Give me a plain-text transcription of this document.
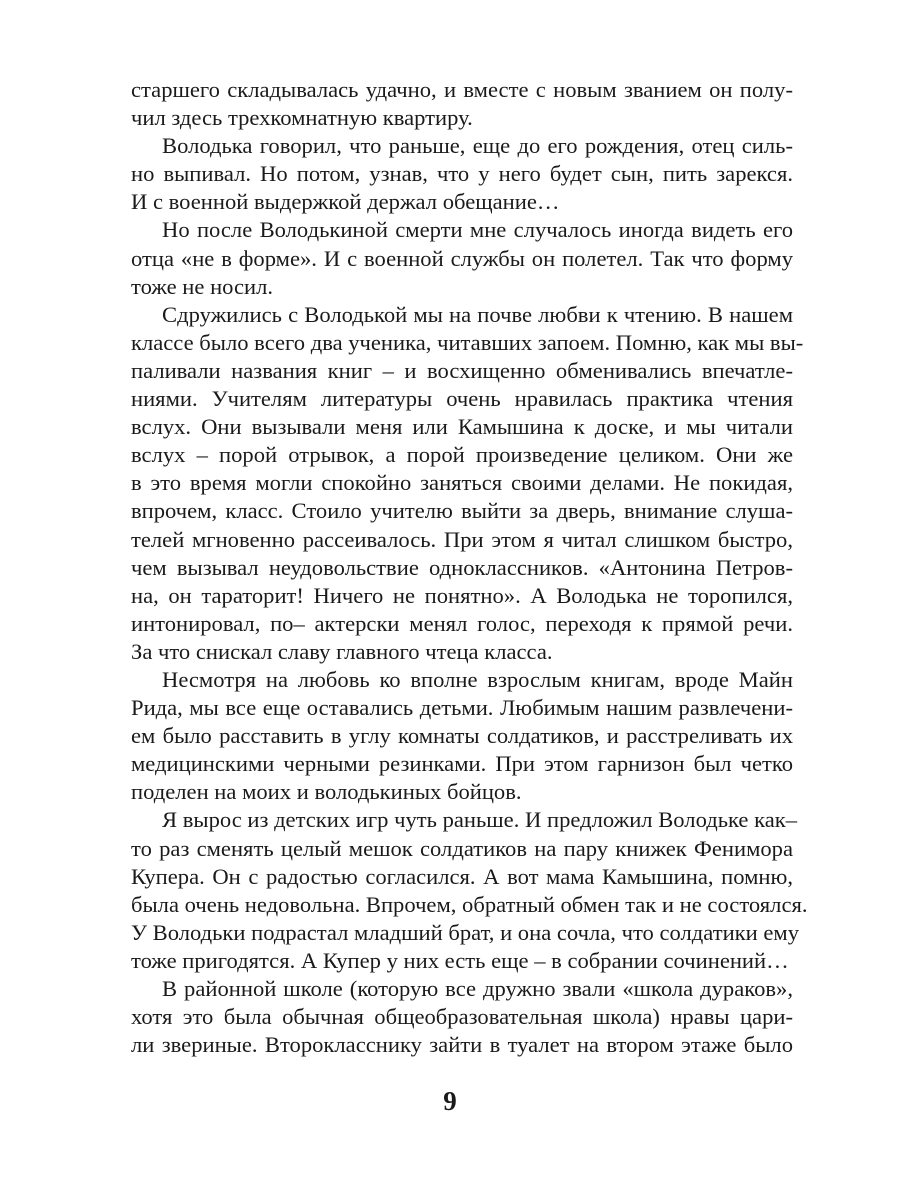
старшего складывалась удачно, и вместе с новым званием он полу-
чил здесь трехкомнатную квартиру.
Володька говорил, что раньше, еще до его рождения, отец силь-
но выпивал. Но потом, узнав, что у него будет сын, пить зарекся.
И с военной выдержкой держал обещание…
Но после Володькиной смерти мне случалось иногда видеть его
отца «не в форме». И с военной службы он полетел. Так что форму
тоже не носил.
Сдружились с Володькой мы на почве любви к чтению. В нашем
классе было всего два ученика, читавших запоем. Помню, как мы вы-
паливали названия книг – и восхищенно обменивались впечатле-
ниями. Учителям литературы очень нравилась практика чтения
вслух. Они вызывали меня или Камышина к доске, и мы читали
вслух – порой отрывок, а порой произведение целиком. Они же
в это время могли спокойно заняться своими делами. Не покидая,
впрочем, класс. Стоило учителю выйти за дверь, внимание слуша-
телей мгновенно рассеивалось. При этом я читал слишком быстро,
чем вызывал неудовольствие одноклассников. «Антонина Петров-
на, он тараторит! Ничего не понятно». А Володька не торопился,
интонировал, по– актерски менял голос, переходя к прямой речи.
За что снискал славу главного чтеца класса.
Несмотря на любовь ко вполне взрослым книгам, вроде Майн
Рида, мы все еще оставались детьми. Любимым нашим развлечени-
ем было расставить в углу комнаты солдатиков, и расстреливать их
медицинскими черными резинками. При этом гарнизон был четко
поделен на моих и володькиных бойцов.
Я вырос из детских игр чуть раньше. И предложил Володьке как–
то раз сменять целый мешок солдатиков на пару книжек Фенимора
Купера. Он с радостью согласился. А вот мама Камышина, помню,
была очень недовольна. Впрочем, обратный обмен так и не состоялся.
У Володьки подрастал младший брат, и она сочла, что солдатики ему
тоже пригодятся. А Купер у них есть еще – в собрании сочинений…
В районной школе (которую все дружно звали «школа дураков»,
хотя это была обычная общеобразовательная школа) нравы цари-
ли звериные. Второкласснику зайти в туалет на втором этаже было
9
